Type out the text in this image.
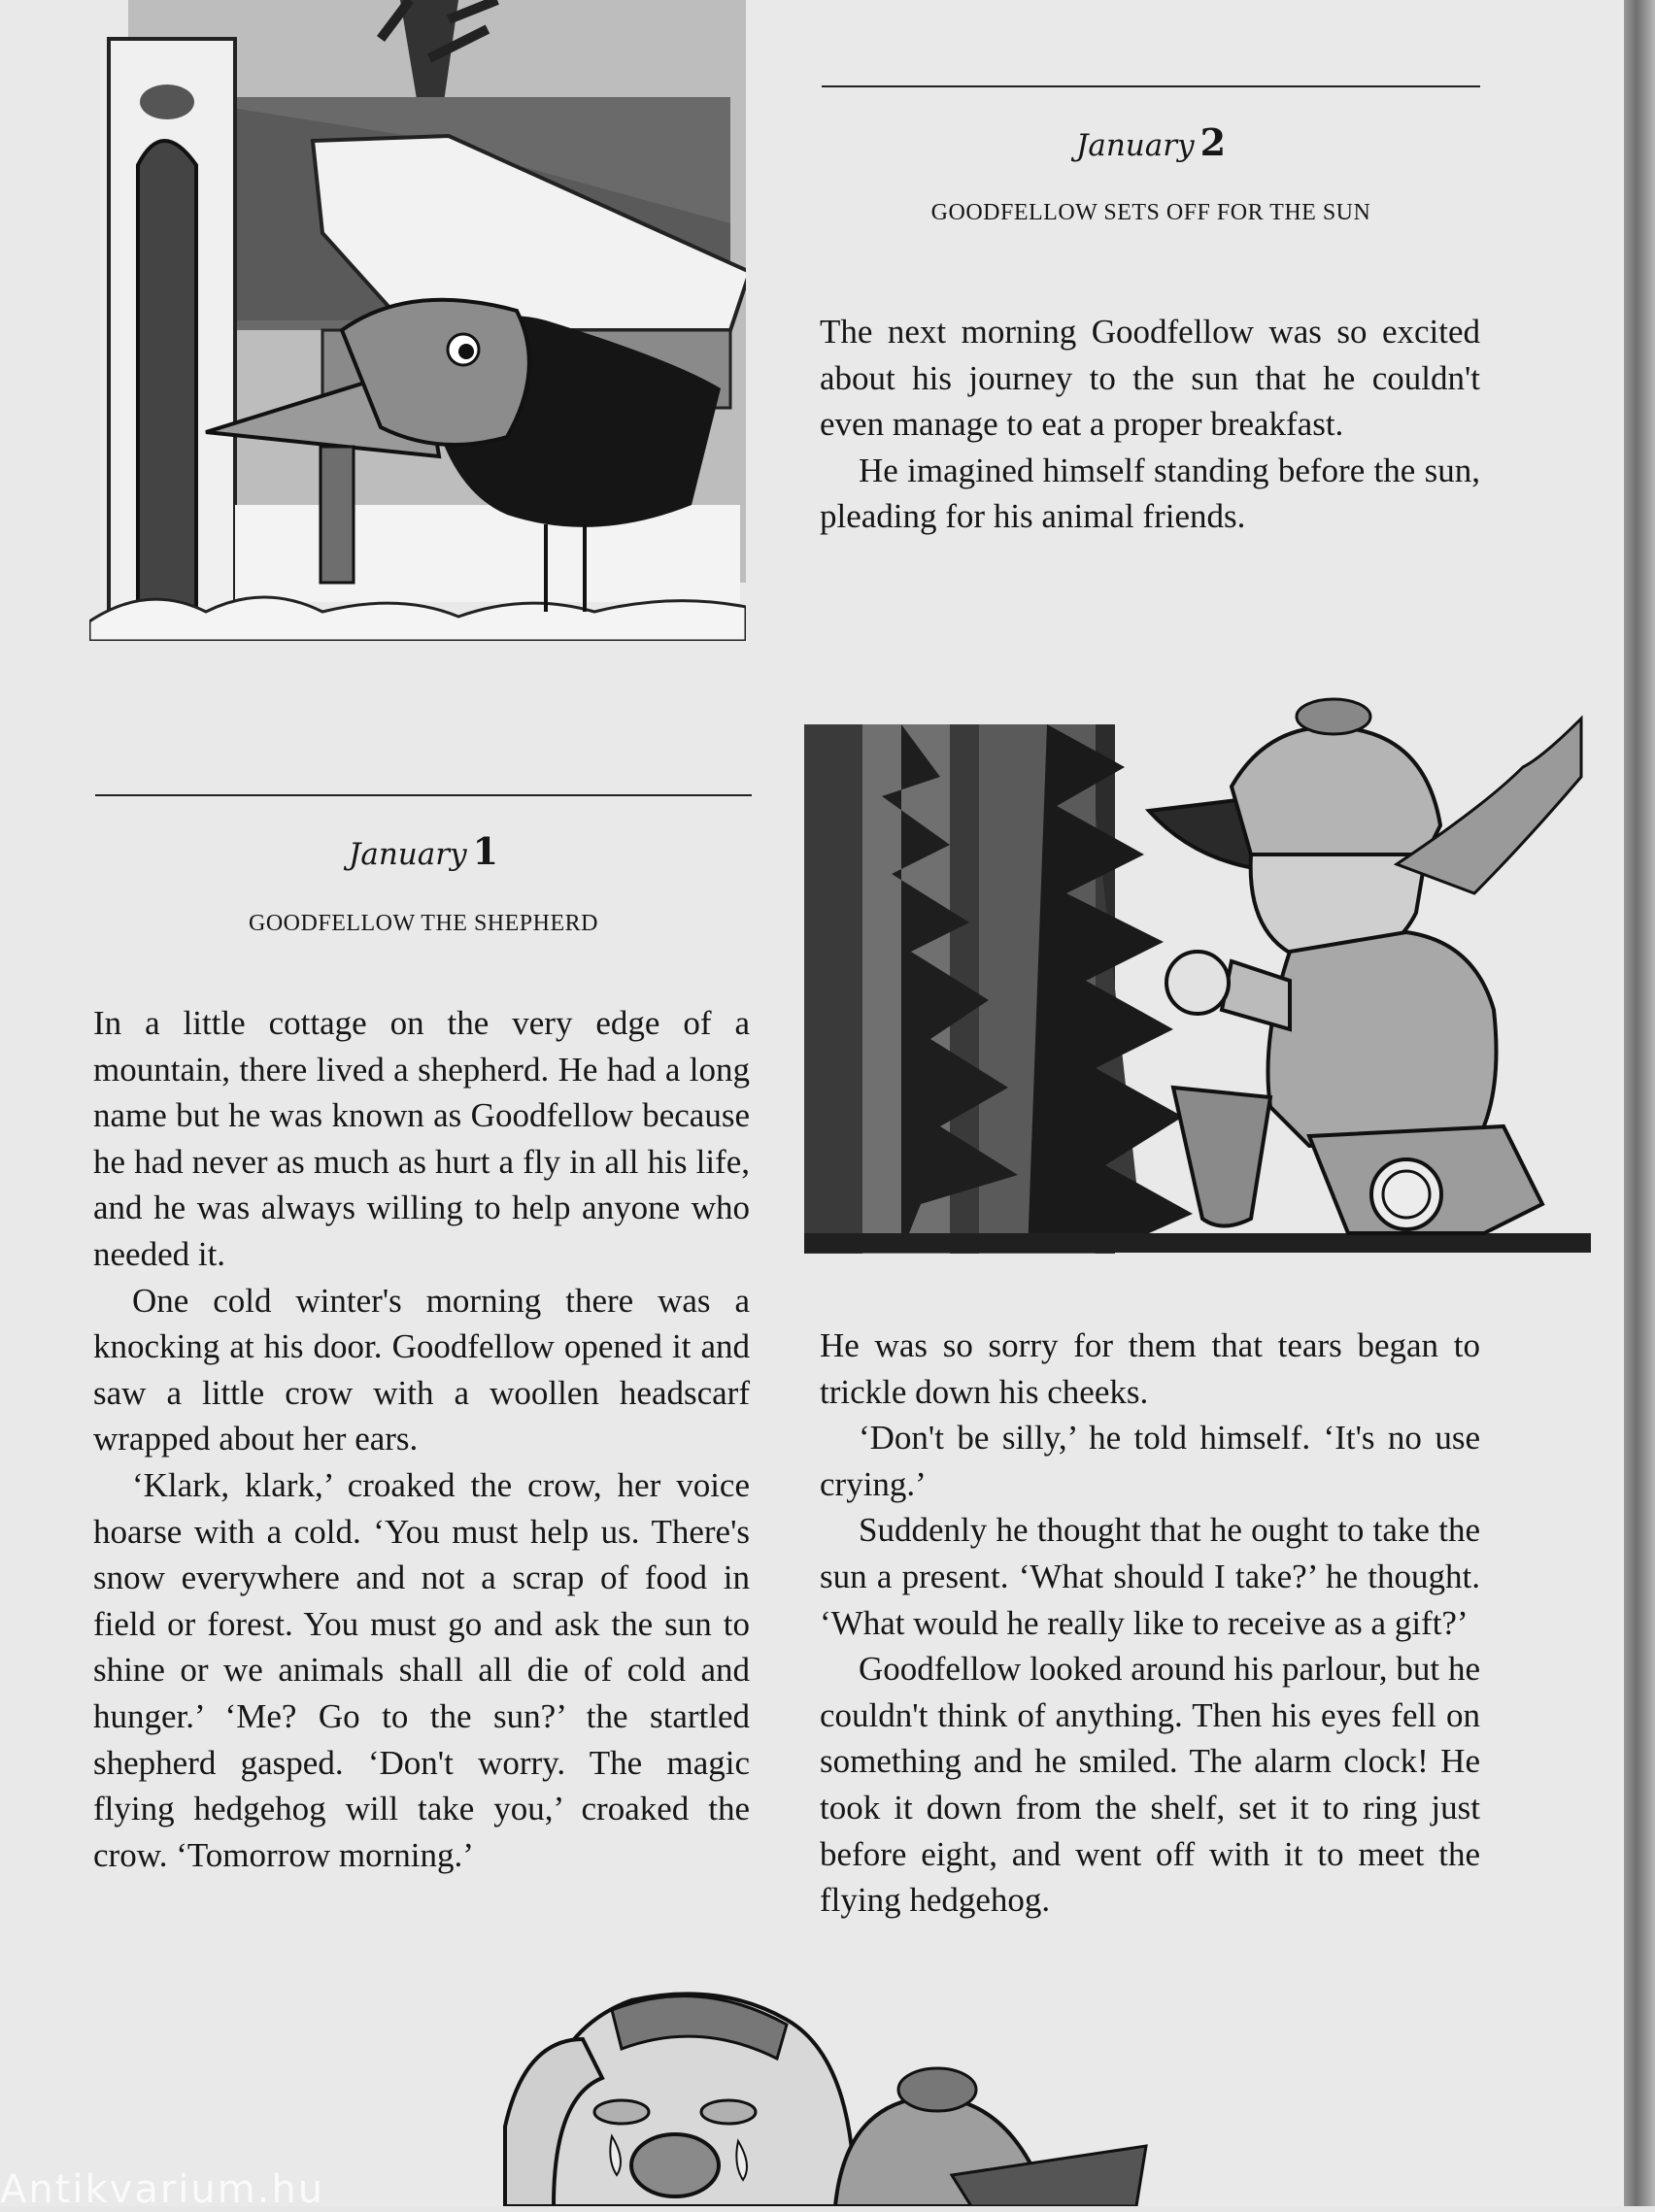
January 2
GOODFELLOW SETS OFF FOR THE SUN

The next morning Goodfellow was so excited about his journey to the sun that he couldn't even manage to eat a proper breakfast.

He imagined himself standing before the sun, pleading for his animal friends.

January 1
GOODFELLOW THE SHEPHERD

In a little cottage on the very edge of a mountain, there lived a shepherd. He had a long name but he was known as Goodfellow because he had never as much as hurt a fly in all his life, and he was always willing to help anyone who needed it.

One cold winter's morning there was a knocking at his door. Goodfellow opened it and saw a little crow with a woollen headscarf wrapped about her ears.

‘Klark, klark,’ croaked the crow, her voice hoarse with a cold. ‘You must help us. There's snow everywhere and not a scrap of food in field or forest. You must go and ask the sun to shine or we animals shall all die of cold and hunger.’ ‘Me? Go to the sun?’ the startled shepherd gasped. ‘Don't worry. The magic flying hedgehog will take you,’ croaked the crow. ‘Tomorrow morning.’

He was so sorry for them that tears began to trickle down his cheeks.

‘Don't be silly,’ he told himself. ‘It's no use crying.’

Suddenly he thought that he ought to take the sun a present. ‘What should I take?’ he thought. ‘What would he really like to receive as a gift?’

Goodfellow looked around his parlour, but he couldn't think of anything. Then his eyes fell on something and he smiled. The alarm clock! He took it down from the shelf, set it to ring just before eight, and went off with it to meet the flying hedgehog.

Antikvarium.hu
